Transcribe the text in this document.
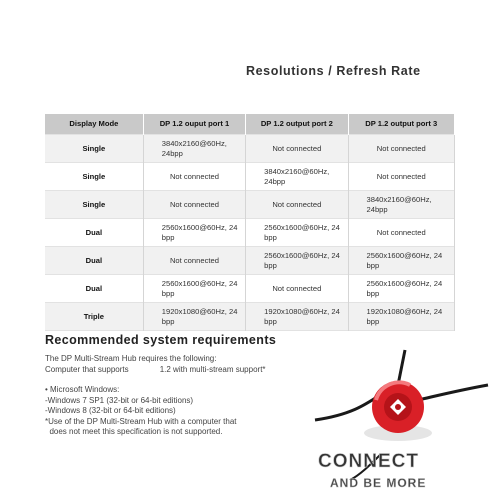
Resolutions / Refresh Rate
Display Mode	DP 1.2 ouput port 1	DP 1.2 output port 2	DP 1.2 output port 3
Single	3840x2160@60Hz, 24bpp	Not connected	Not connected
Single	Not connected	3840x2160@60Hz, 24bpp	Not connected
Single	Not connected	Not connected	3840x2160@60Hz, 24bpp
Dual	2560x1600@60Hz, 24 bpp	2560x1600@60Hz, 24 bpp	Not connected
Dual	Not connected	2560x1600@60Hz, 24 bpp	2560x1600@60Hz, 24 bpp
Dual	2560x1600@60Hz, 24 bpp	Not connected	2560x1600@60Hz, 24 bpp
Triple	1920x1080@60Hz, 24 bpp	1920x1080@60Hz, 24 bpp	1920x1080@60Hz, 24 bpp
Recommended system requirements
The DP Multi-Stream Hub requires the following:
Computer that supports              1.2 with multi-stream support*
• Microsoft Windows:
-Windows 7 SP1 (32-bit or 64-bit editions)
-Windows 8 (32-bit or 64-bit editions)
*Use of the DP Multi-Stream Hub with a computer that
does not meet this specification is not supported.
CONNECT
AND BE MORE
